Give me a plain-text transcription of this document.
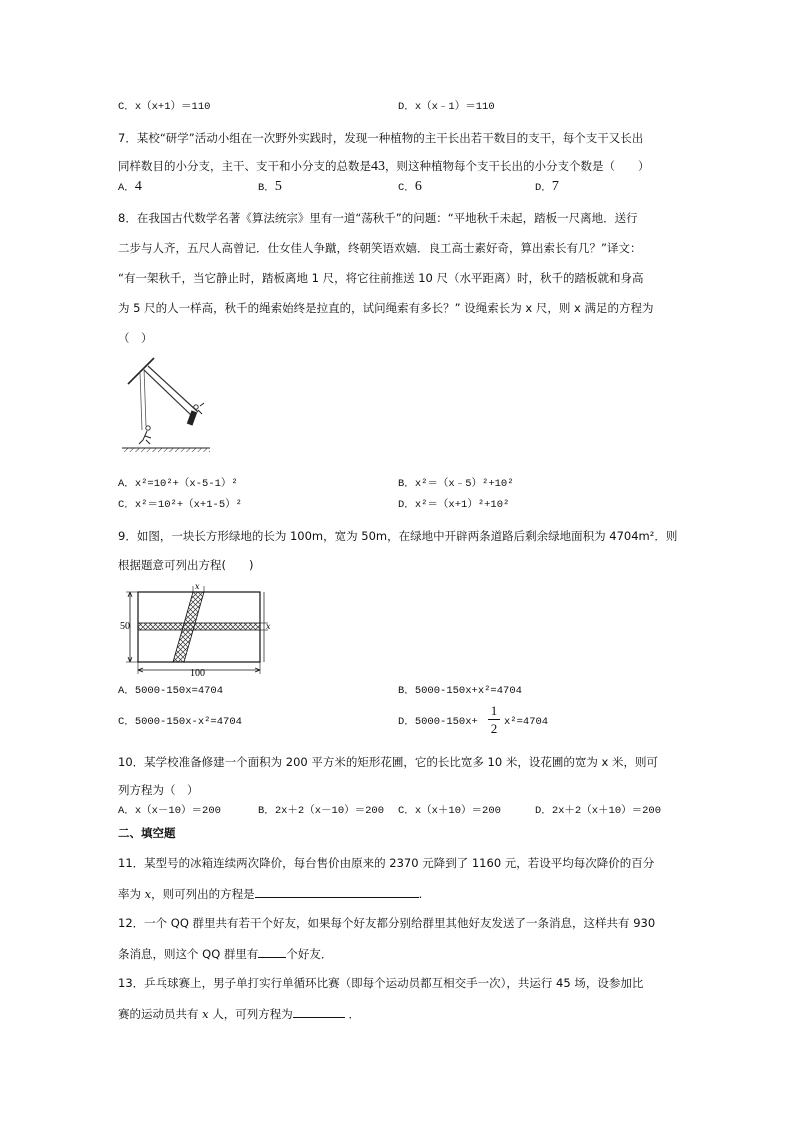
C．x（x+1）＝110	D．x（x﹣1）＝110
7．某校“研学”活动小组在一次野外实践时，发现一种植物的主干长出若干数目的支干，每个支干又长出
同样数目的小分支，主干、支干和小分支的总数是43，则这种植物每个支干长出的小分支个数是（　　）
A．4	B．5	C．6	D．7
8．在我国古代数学名著《算法统宗》里有一道“荡秋千”的问题：“平地秋千未起，踏板一尺离地．送行
二步与人齐，五尺人高曾记．仕女佳人争蹴，终朝笑语欢嬉．良工高士素好奇，算出索长有几？”译文：
“有一架秋千，当它静止时，踏板离地 1 尺，将它往前推送 10 尺（水平距离）时，秋千的踏板就和身高
为 5 尺的人一样高，秋千的绳索始终是拉直的，试问绳索有多长？” 设绳索长为 x 尺，则 x 满足的方程为
（　）
A．x²=10²+（x-5-1）²	B．x²＝（x﹣5）²+10²
C．x²＝10²+（x+1-5）²	D．x²＝（x+1）²+10²
9．如图，一块长方形绿地的长为 100m，宽为 50m，在绿地中开辟两条道路后剩余绿地面积为 4704m²．则
根据题意可列出方程(　　)
x
x
50
100
A．5000-150x=4704	B．5000-150x+x²=4704
C．5000-150x-x²=4704	D．5000-150x+
1
2 x²=4704
10．某学校准备修建一个面积为 200 平方米的矩形花圃，它的长比宽多 10 米，设花圃的宽为 x 米，则可
列方程为（　）
A．x（x－10）＝200	B．2x＋2（x－10）＝200 C．x（x＋10）＝200	D．2x＋2（x＋10）＝200
二、填空题
11．某型号的冰箱连续两次降价，每台售价由原来的 2370 元降到了 1160 元，若设平均每次降价的百分
率为 x，则可列出的方程是	.
12．一个 QQ 群里共有若干个好友，如果每个好友都分别给群里其他好友发送了一条消息，这样共有 930
条消息，则这个 QQ 群里有 个好友．
13．乒乓球赛上，男子单打实行单循环比赛（即每个运动员都互相交手一次），共运行 45 场，设参加比
赛的运动员共有 x 人，可列方程为	．
